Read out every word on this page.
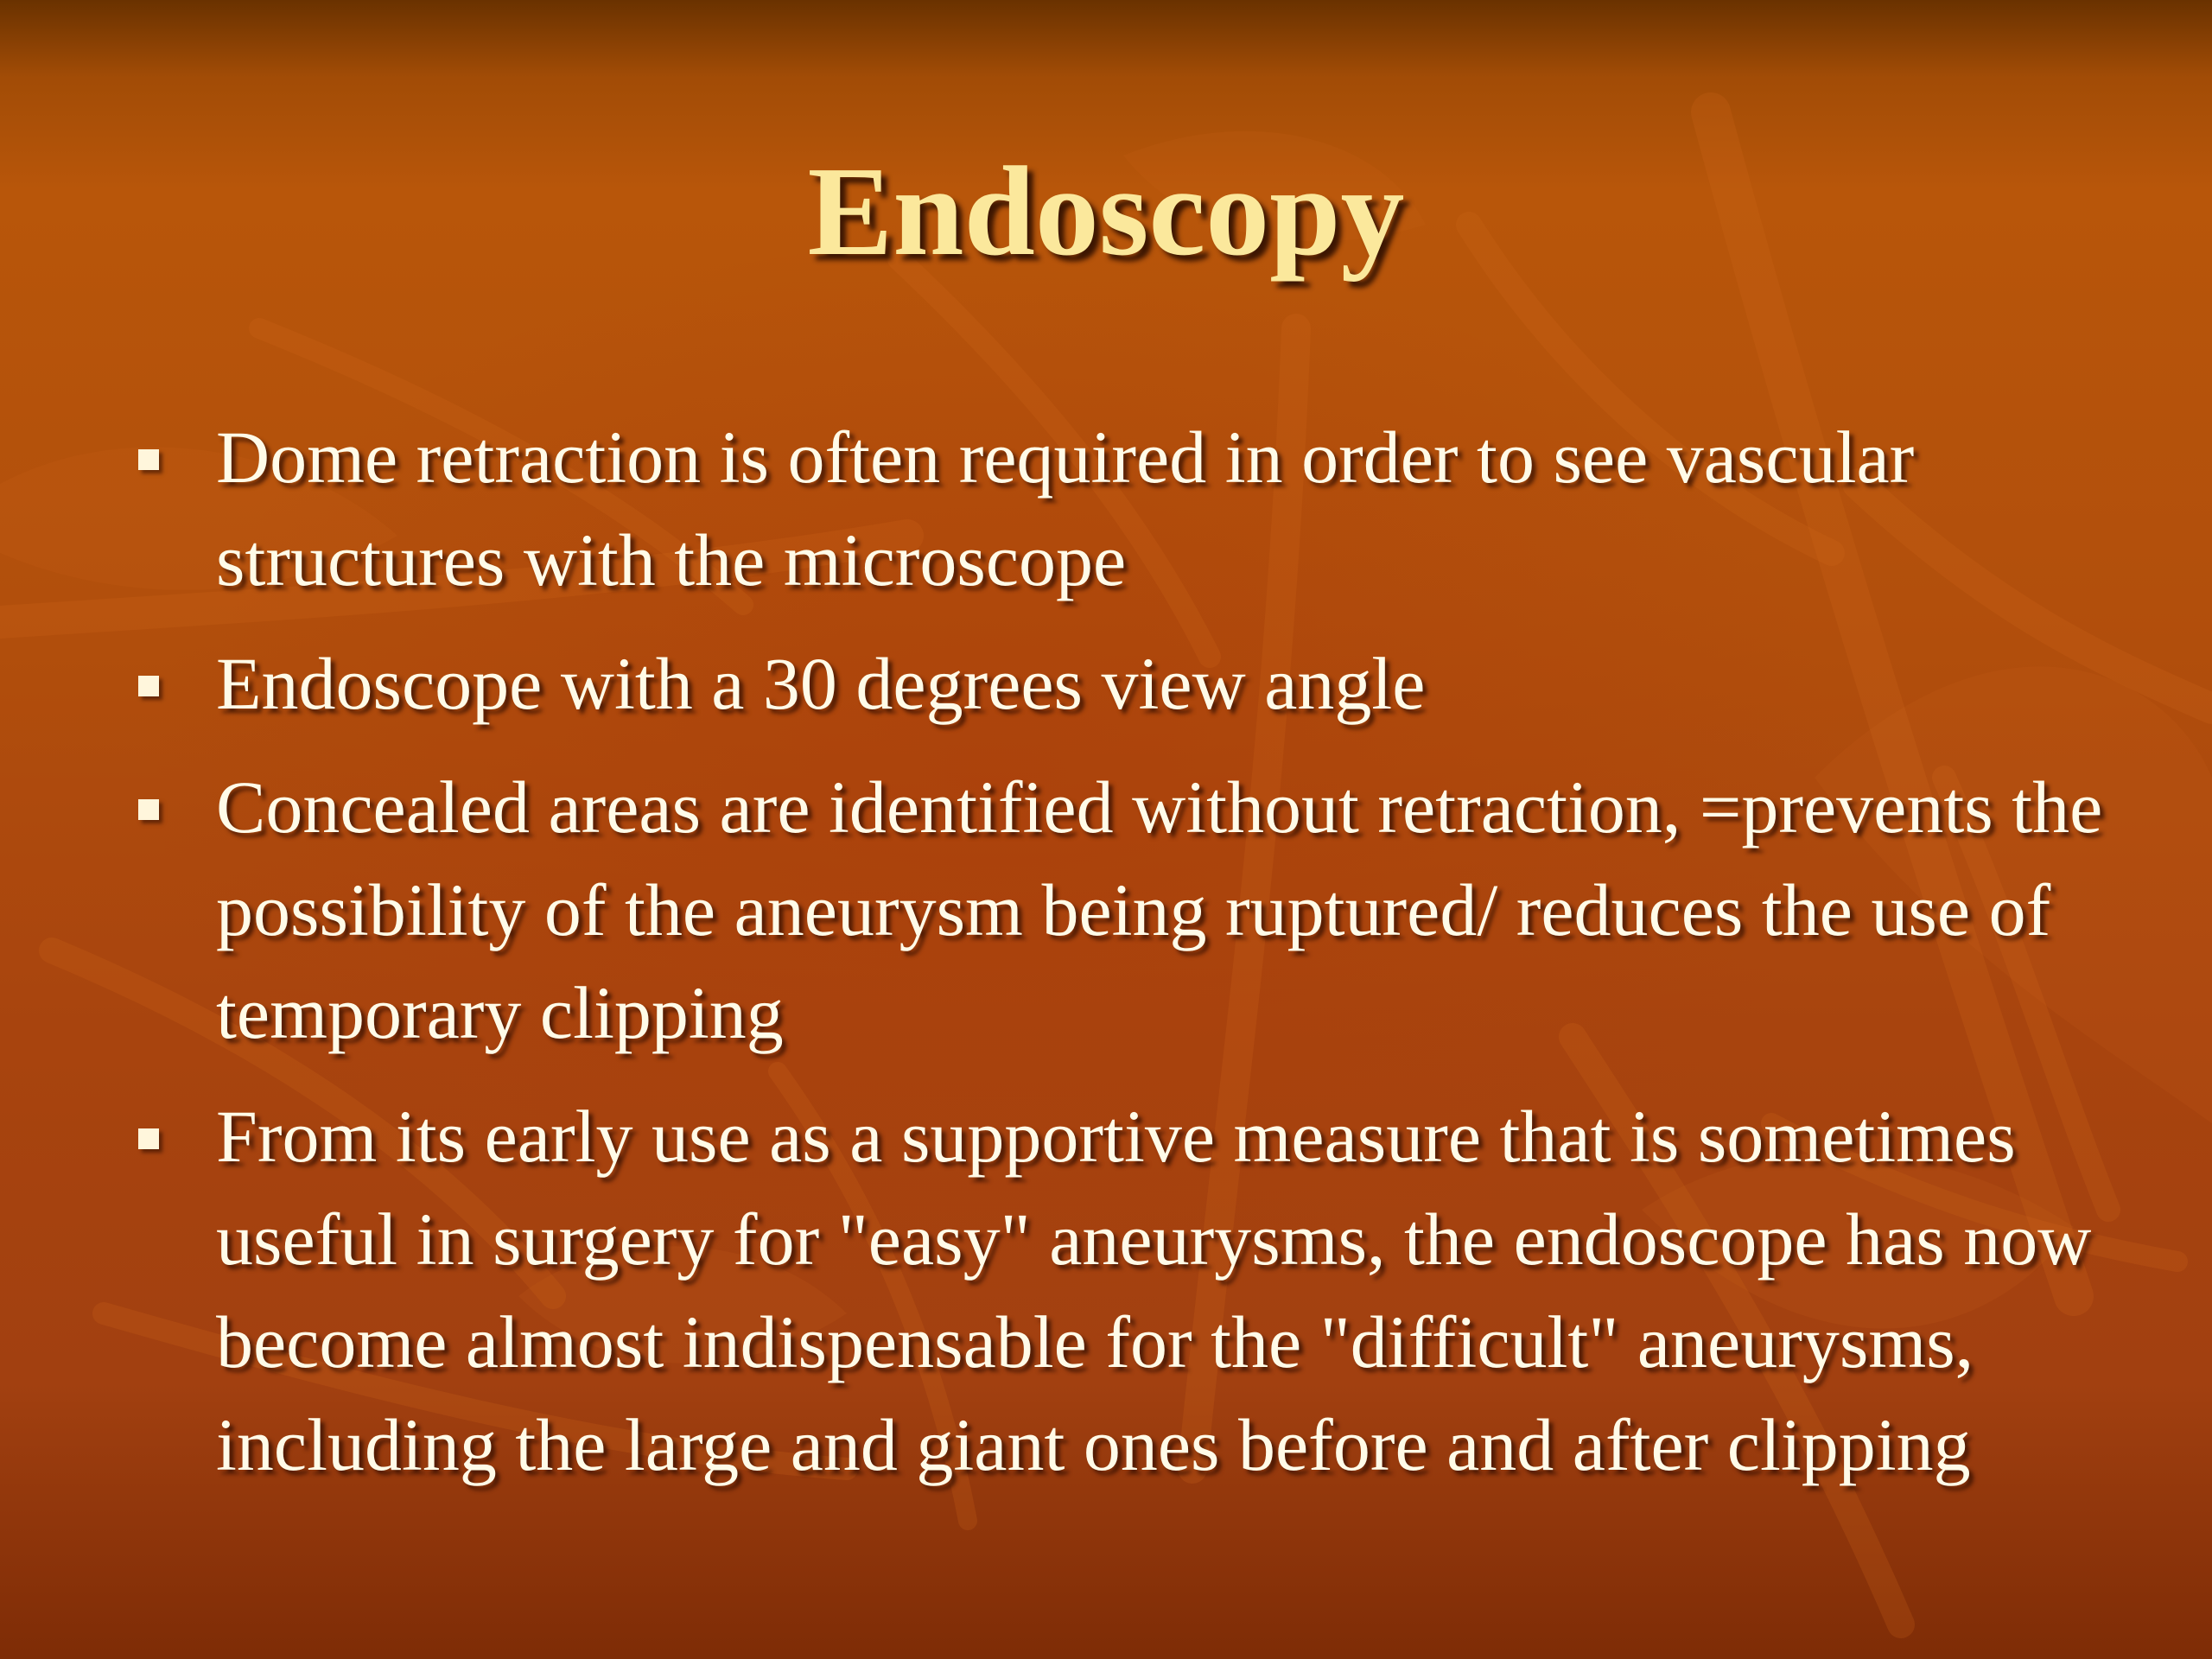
Endoscopy
Dome retraction is often required in order to see vascular structures with the microscope
Endoscope with a 30 degrees view angle
Concealed areas are identified without retraction, =prevents the possibility of the aneurysm being ruptured/ reduces the use of temporary clipping
From its early use as a supportive measure that is sometimes useful in surgery for "easy" aneurysms, the endoscope has now become almost indispensable for the "difficult" aneurysms, including the large and giant ones before and after clipping
